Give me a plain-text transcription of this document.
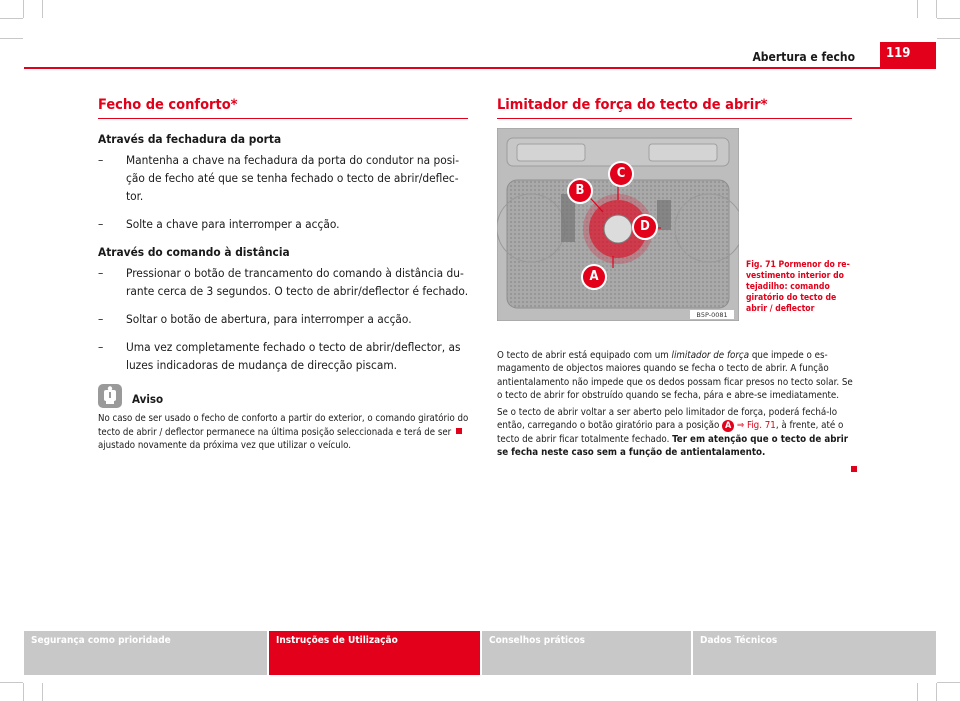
Abertura e fecho	119
Fecho de conforto*
Através da fechadura da porta
–	Mantenha a chave na fechadura da porta do condutor na posição de fecho até que se tenha fechado o tecto de abrir/deflector.
–	Solte a chave para interromper a acção.
Através do comando à distância
–	Pressionar o botão de trancamento do comando à distância durante cerca de 3 segundos. O tecto de abrir/deflector é fechado.
–	Soltar o botão de abertura, para interromper a acção.
–	Uma vez completamente fechado o tecto de abrir/deflector, as luzes indicadoras de mudança de direcção piscam.
Aviso
No caso de ser usado o fecho de conforto a partir do exterior, o comando giratório do tecto de abrir / deflector permanece na última posição seleccionada e terá de ser ajustado novamente da próxima vez que utilizar o veículo.
Limitador de força do tecto de abrir*
B5P-0081
C
B
D
A
Fig. 71 Pormenor do revestimento interior do tejadilho: comando giratório do tecto de abrir / deflector

O tecto de abrir está equipado com um limitador de força que impede o esmagamento de objectos maiores quando se fecha o tecto de abrir. A função antientalamento não impede que os dedos possam ficar presos no tecto solar. Se o tecto de abrir for obstruído quando se fecha, pára e abre-se imediatamente.

Se o tecto de abrir voltar a ser aberto pelo limitador de força, poderá fechá-lo então, carregando o botão giratório para a posição A ⇒ Fig. 71, à frente, até o tecto de abrir ficar totalmente fechado. Ter em atenção que o tecto de abrir se fecha neste caso sem a função de antientalamento.

Segurança como prioridade	Instruções de Utilização	Conselhos práticos	Dados Técnicos
